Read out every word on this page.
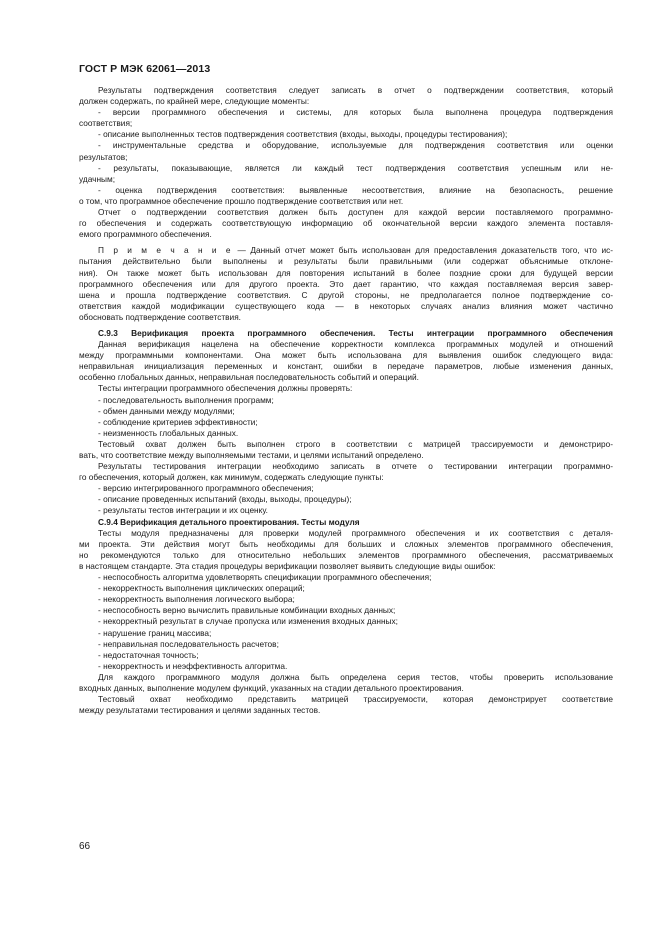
ГОСТ Р МЭК 62061—2013
Результаты подтверждения соответствия следует записать в отчет о подтверждении соответствия, который
должен содержать, по крайней мере, следующие моменты:
- версии программного обеспечения и системы, для которых была выполнена процедура подтверждения
соответствия;
- описание выполненных тестов подтверждения соответствия (входы, выходы, процедуры тестирования);
- инструментальные средства и оборудование, используемые для подтверждения соответствия или оценки
результатов;
- результаты, показывающие, является ли каждый тест подтверждения соответствия успешным или не-
удачным;
- оценка подтверждения соответствия: выявленные несоответствия, влияние на безопасность, решение
о том, что программное обеспечение прошло подтверждение соответствия или нет.
Отчет о подтверждении соответствия должен быть доступен для каждой версии поставляемого программно-
го обеспечения и содержать соответствующую информацию об окончательной версии каждого элемента поставля-
емого программного обеспечения.
П р и м е ч а н и е — Данный отчет может быть использован для предоставления доказательств того, что ис-
пытания действительно были выполнены и результаты были правильными (или содержат объяснимые отклоне-
ния). Он также может быть использован для повторения испытаний в более поздние сроки для будущей версии
программного обеспечения или для другого проекта. Это дает гарантию, что каждая поставляемая версия завер-
шена и прошла подтверждение соответствия. С другой стороны, не предполагается полное подтверждение со-
ответствия каждой модификации существующего кода — в некоторых случаях анализ влияния может частично
обосновать подтверждение соответствия.
С.9.3 Верификация проекта программного обеспечения. Тесты интеграции программного обеспечения
Данная верификация нацелена на обеспечение корректности комплекса программных модулей и отношений
между программными компонентами. Она может быть использована для выявления ошибок следующего вида:
неправильная инициализация переменных и констант, ошибки в передаче параметров, любые изменения данных,
особенно глобальных данных, неправильная последовательность событий и операций.
Тесты интеграции программного обеспечения должны проверять:
- последовательность выполнения программ;
- обмен данными между модулями;
- соблюдение критериев эффективности;
- неизменность глобальных данных.
Тестовый охват должен быть выполнен строго в соответствии с матрицей трассируемости и демонстриро-
вать, что соответствие между выполняемыми тестами, и целями испытаний определено.
Результаты тестирования интеграции необходимо записать в отчете о тестировании интеграции программно-
го обеспечения, который должен, как минимум, содержать следующие пункты:
- версию интегрированного программного обеспечения;
- описание проведенных испытаний (входы, выходы, процедуры);
- результаты тестов интеграции и их оценку.
С.9.4 Верификация детального проектирования. Тесты модуля
Тесты модуля предназначены для проверки модулей программного обеспечения и их соответствия с деталя-
ми проекта. Эти действия могут быть необходимы для больших и сложных элементов программного обеспечения,
но рекомендуются только для относительно небольших элементов программного обеспечения, рассматриваемых
в настоящем стандарте. Эта стадия процедуры верификации позволяет выявить следующие виды ошибок:
- неспособность алгоритма удовлетворять спецификации программного обеспечения;
- некорректность выполнения циклических операций;
- некорректность выполнения логического выбора;
- неспособность верно вычислить правильные комбинации входных данных;
- некорректный результат в случае пропуска или изменения входных данных;
- нарушение границ массива;
- неправильная последовательность расчетов;
- недостаточная точность;
- некорректность и неэффективность алгоритма.
Для каждого программного модуля должна быть определена серия тестов, чтобы проверить использование
входных данных, выполнение модулем функций, указанных на стадии детального проектирования.
Тестовый охват необходимо представить матрицей трассируемости, которая демонстрирует соответствие
между результатами тестирования и целями заданных тестов.
66
